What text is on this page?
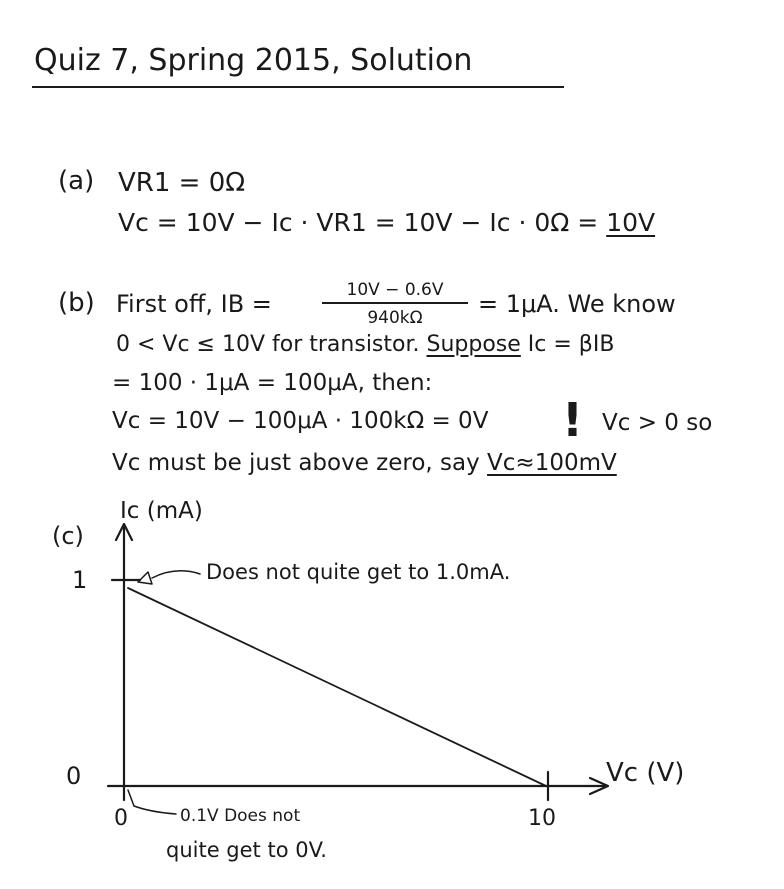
Quiz 7, Spring 2015, Solution
(a) VR1 = 0Ω
Vc = 10V − Ic · VR1 = 10V − Ic · 0Ω = 10V
(b) First off, IB =	10V − 0.6V
940kΩ	= 1μA. We know
0 < Vc ≤ 10V for transistor. Suppose Ic = βIB
= 100 · 1μA = 100μA, then:
Vc = 10V − 100μA · 100kΩ = 0V ! Vc > 0 so
Vc must be just above zero, say Vc≈100mV
(c)
Ic (mA)
Vc (V)
1
0
0	10
Does not quite get to 1.0mA.
0.1V Does not
quite get to 0V.
